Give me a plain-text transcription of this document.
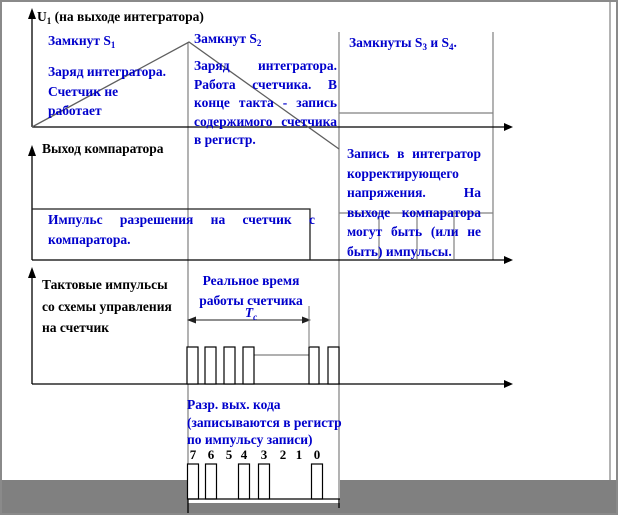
$U_1$ (на выходе интегратора)
Замкнут $S_1$
Заряд интегратора.
Счетчик не
работает
Замкнут $S_2$
Заряд интегратора.
Работа счетчика. В
конце такта - запись
содержимого счетчика
в регистр.
Замкнуты $S_3$ и $S_4$.
Выход компаратора
Импульс разрешения на счетчик с
компаратора.
Запись в интегратор
корректирующего
напряжения. На
выходе компаратора
могут быть (или не
быть) импульсы.
Тактовые импульсы
со схемы управления
на счетчик
Реальное время
работы счетчика
$T_с$
Разр. вых. кода
(записываются в регистр
по импульсу записи)
7 6 5 4	3 2 1 0
